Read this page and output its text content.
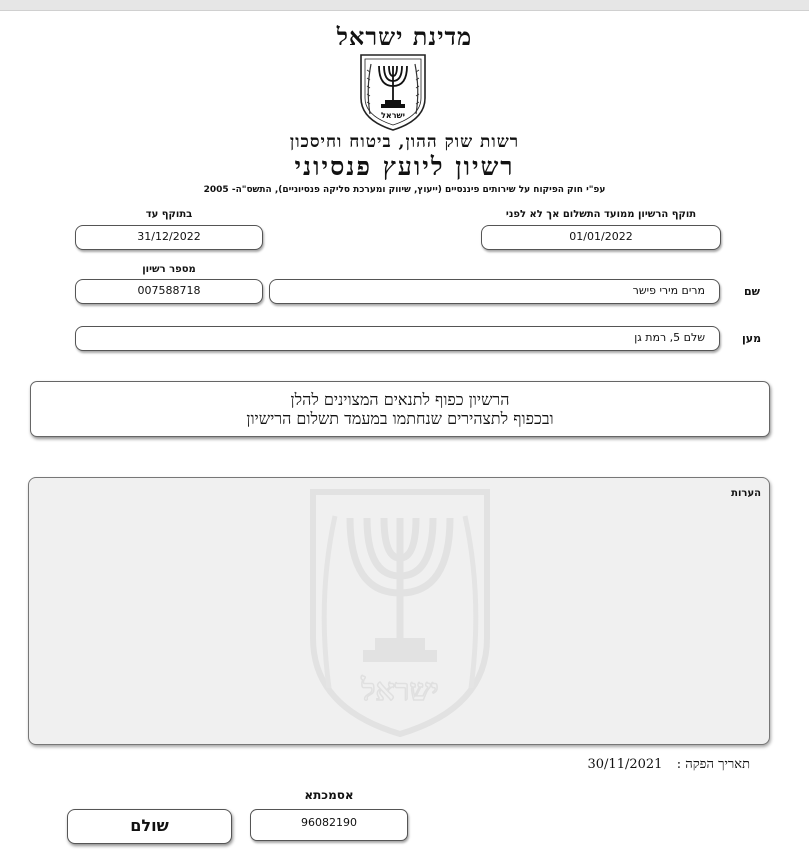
מדינת ישראל
ישראל
רשות שוק ההון, ביטוח וחיסכון
רשיון ליועץ פנסיוני
עפ"י חוק הפיקוח על שירותים פיננסיים (ייעוץ, שיווק ומערכת סליקה פנסיוניים), התשס"ה- 2005
תוקף הרשיון ממועד התשלום אך לא לפני
01/01/2022
בתוקף עד
31/12/2022
מספר רשיון
007588718	מרים מירי פישר	שם
שלם 5, רמת גן	מען
הרשיון כפוף לתנאים המצוינים להלן
ובכפוף לתצהירים שנחתמו במעמד תשלום הרישיון
הערות
ישראל
תאריך הפקה :  30/11/2021
אסמכתא
96082190
שולם
